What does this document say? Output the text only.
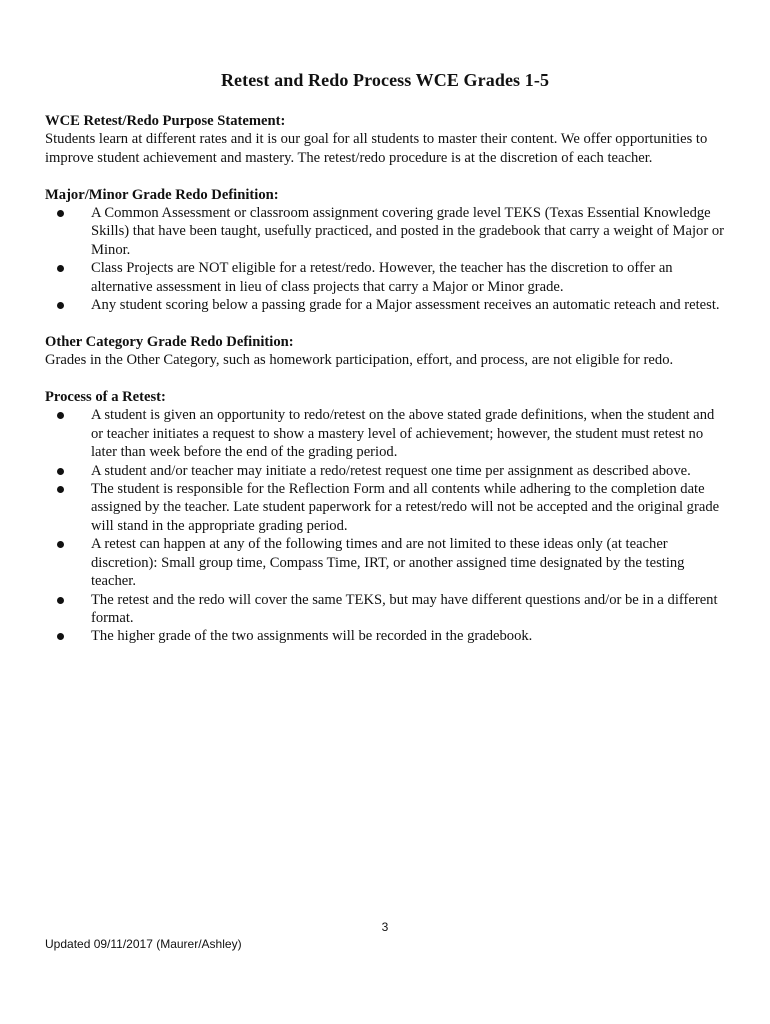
Retest and Redo Process WCE Grades 1-5

WCE Retest/Redo Purpose Statement:

Students learn at different rates and it is our goal for all students to master their content. We offer opportunities to improve student achievement and mastery. The retest/redo procedure is at the discretion of each teacher.

Major/Minor Grade Redo Definition:

A Common Assessment or classroom assignment covering grade level TEKS (Texas Essential Knowledge Skills) that have been taught, usefully practiced, and posted in the gradebook that carry a weight of Major or Minor.
Class Projects are NOT eligible for a retest/redo. However, the teacher has the discretion to offer an alternative assessment in lieu of class projects that carry a Major or Minor grade.
Any student scoring below a passing grade for a Major assessment receives an automatic reteach and retest.

Other Category Grade Redo Definition:

Grades in the Other Category, such as homework participation, effort, and process, are not eligible for redo.

Process of a Retest:

A student is given an opportunity to redo/retest on the above stated grade definitions, when the student and or teacher initiates a request to show a mastery level of achievement; however, the student must retest no later than week before the end of the grading period.
A student and/or teacher may initiate a redo/retest request one time per assignment as described above.
The student is responsible for the Reflection Form and all contents while adhering to the completion date assigned by the teacher. Late student paperwork for a retest/redo will not be accepted and the original grade will stand in the appropriate grading period.
A retest can happen at any of the following times and are not limited to these ideas only (at teacher discretion): Small group time, Compass Time, IRT, or another assigned time designated by the testing teacher.
The retest and the redo will cover the same TEKS, but may have different questions and/or be in a different format.
The higher grade of the two assignments will be recorded in the gradebook.
3
Updated 09/11/2017 (Maurer/Ashley)
